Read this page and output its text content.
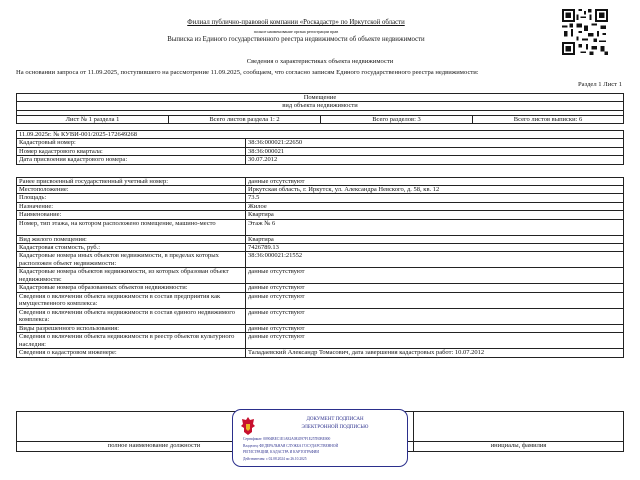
Филиал публично-правовой компании «Роскадастр» по Иркутской области
полное наименование органа регистрации прав
Выписка из Единого государственного реестра недвижимости об объекте недвижимости
Сведения о характеристиках объекта недвижимости
На основании запроса от 11.09.2025, поступившего на рассмотрение 11.09.2025, сообщаем, что согласно записям Единого государственного реестра недвижимости:
Раздел 1 Лист 1
Помещение
вид объекта недвижимости

Лист № 1 раздела 1	Всего листов раздела 1: 2	Всего разделов: 3	Всего листов выписки: 6
11.09.2025г. № КУВИ-001/2025-172649268	
Кадастровый номер:	38:36:000021:22650
Номер кадастрового квартала:	38:36:000021
Дата присвоения кадастрового номера:	30.07.2012

Ранее присвоенный государственный учетный номер:	данные отсутствуют
Местоположение:	Иркутская область, г. Иркутск, ул. Александра Невского, д. 58, кв. 12
Площадь:	73.5
Назначение:	Жилое
Наименование:	Квартира
Номер, тип этажа, на котором расположено помещение, машино-место	Этаж № 6
Вид жилого помещения:	Квартира
Кадастровая стоимость, руб.:	7426789.13
Кадастровые номера иных объектов недвижимости, в пределах которых расположен объект недвижимости:	38:36:000021:21552
Кадастровые номера объектов недвижимости, из которых образован объект недвижимости:	данные отсутствуют
Кадастровые номера образованных объектов недвижимости:	данные отсутствуют
Сведения о включении объекта недвижимости в состав предприятия как имущественного комплекса:	данные отсутствуют
Сведения о включении объекта недвижимости в состав единого недвижимого комплекса:	данные отсутствуют
Виды разрешенного использования:	данные отсутствуют
Сведения о включении объекта недвижимости в реестр объектов культурного наследия:	данные отсутствуют
Сведения о кадастровом инженере:	Таладаевский Александр Томасович, дата завершения кадастровых работ: 10.07.2012

полное наименование должности		инициалы, фамилия

ДОКУМЕНТ ПОДПИСАН
ЭЛЕКТРОННОЙ ПОДПИСЬЮ
Сертификат: 00904BEC1E1A82A0E4597F1E257E0BE000
Владелец: ФЕДЕРАЛЬНАЯ СЛУЖБА ГОСУДАРСТВЕННОЙ
РЕГИСТРАЦИИ, КАДАСТРА И КАРТОГРАФИИ
Действителен: с 02.08.2024 по 26.10.2025
